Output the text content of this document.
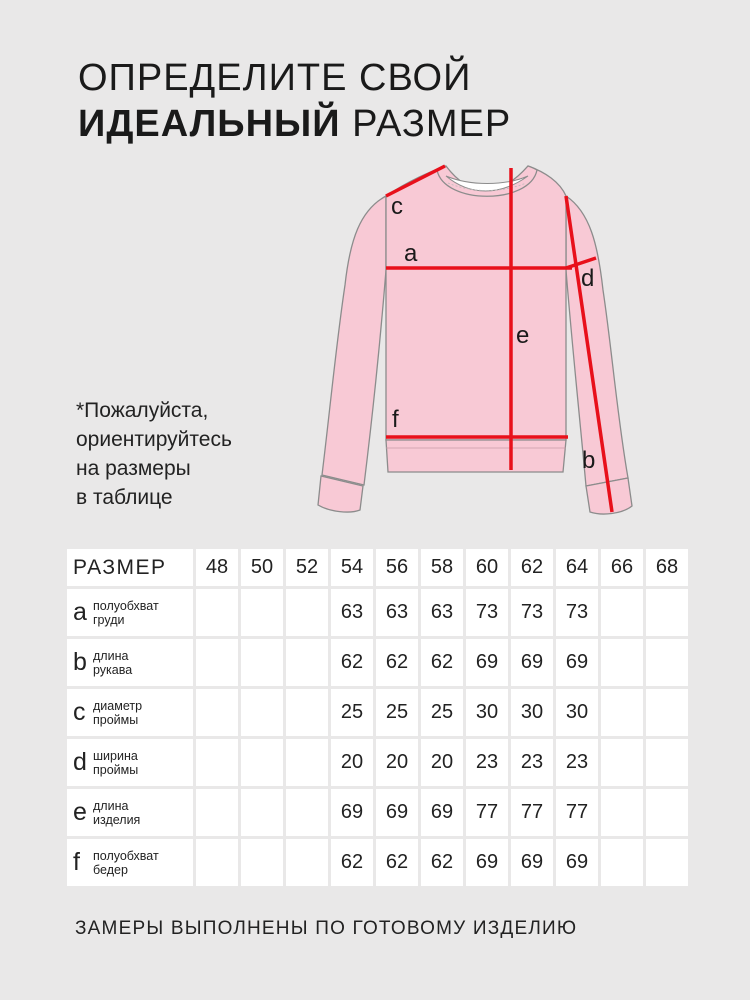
ОПРЕДЕЛИТЕ СВОЙ
ИДЕАЛЬНЫЙ РАЗМЕР
c
a
d
e
f
b
*Пожалуйста,
ориентируйтесь
на размеры
в таблице
РАЗМЕР	48	50	52	54	56	58	60	62	64	66	68
a полуобхват
груди				63	63	63	73	73	73		
b длина
рукава				62	62	62	69	69	69		
c диаметр
проймы				25	25	25	30	30	30		
d ширина
проймы				20	20	20	23	23	23		
e длина
изделия				69	69	69	77	77	77		
f полуобхват
бедер				62	62	62	69	69	69		
ЗАМЕРЫ ВЫПОЛНЕНЫ ПО ГОТОВОМУ ИЗДЕЛИЮ
